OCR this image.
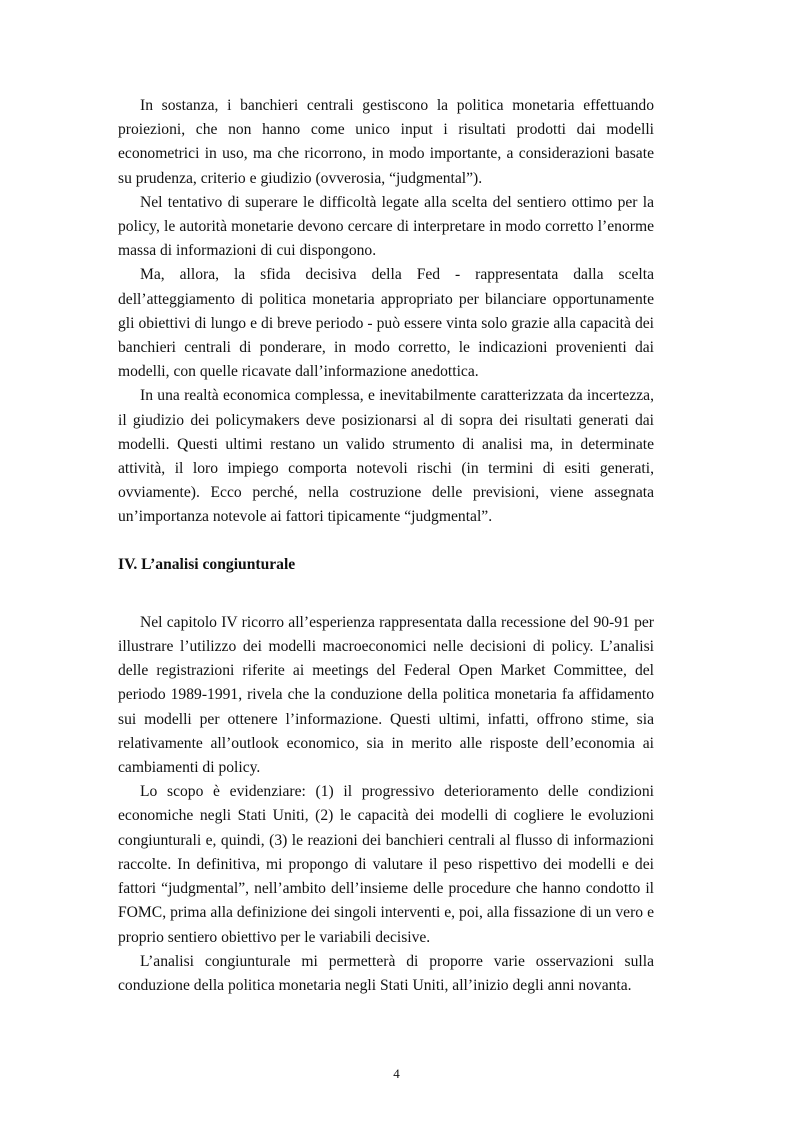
In sostanza, i banchieri centrali gestiscono la politica monetaria effettuando proiezioni, che non hanno come unico input i risultati prodotti dai modelli econometrici in uso, ma che ricorrono, in modo importante, a considerazioni basate su prudenza, criterio e giudizio (ovverosia, “judgmental”).

Nel tentativo di superare le difficoltà legate alla scelta del sentiero ottimo per la policy, le autorità monetarie devono cercare di interpretare in modo corretto l’enorme massa di informazioni di cui dispongono.

Ma, allora, la sfida decisiva della Fed - rappresentata dalla scelta dell’atteggiamento di politica monetaria appropriato per bilanciare opportunamente gli obiettivi di lungo e di breve periodo - può essere vinta solo grazie alla capacità dei banchieri centrali di ponderare, in modo corretto, le indicazioni provenienti dai modelli, con quelle ricavate dall’informazione anedottica.

In una realtà economica complessa, e inevitabilmente caratterizzata da incertezza, il giudizio dei policymakers deve posizionarsi al di sopra dei risultati generati dai modelli. Questi ultimi restano un valido strumento di analisi ma, in determinate attività, il loro impiego comporta notevoli rischi (in termini di esiti generati, ovviamente). Ecco perché, nella costruzione delle previsioni, viene assegnata un’importanza notevole ai fattori tipicamente “judgmental”.

IV. L’analisi congiunturale

Nel capitolo IV ricorro all’esperienza rappresentata dalla recessione del 90-91 per illustrare l’utilizzo dei modelli macroeconomici nelle decisioni di policy. L’analisi delle registrazioni riferite ai meetings del Federal Open Market Committee, del periodo 1989-1991, rivela che la conduzione della politica monetaria fa affidamento sui modelli per ottenere l’informazione. Questi ultimi, infatti, offrono stime, sia relativamente all’outlook economico, sia in merito alle risposte dell’economia ai cambiamenti di policy.

Lo scopo è evidenziare: (1) il progressivo deterioramento delle condizioni economiche negli Stati Uniti, (2) le capacità dei modelli di cogliere le evoluzioni congiunturali e, quindi, (3) le reazioni dei banchieri centrali al flusso di informazioni raccolte. In definitiva, mi propongo di valutare il peso rispettivo dei modelli e dei fattori “judgmental”, nell’ambito dell’insieme delle procedure che hanno condotto il FOMC, prima alla definizione dei singoli interventi e, poi, alla fissazione di un vero e proprio sentiero obiettivo per le variabili decisive.

L’analisi congiunturale mi permetterà di proporre varie osservazioni sulla conduzione della politica monetaria negli Stati Uniti, all’inizio degli anni novanta.

4
